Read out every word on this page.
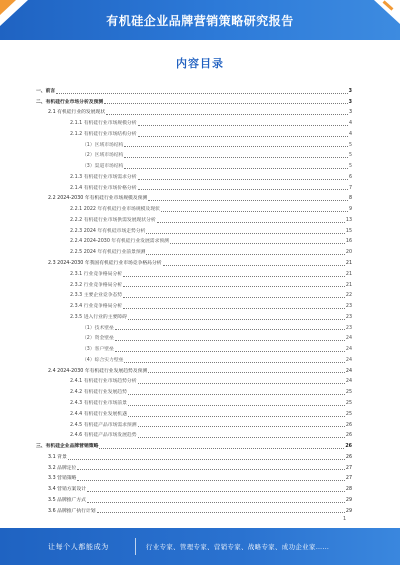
有机硅企业品牌营销策略研究报告
内容目录
一、前言	3
二、有机硅行业市场分析及预测	3
2.1 有机硅行业的发展现状	3
2.1.1 有机硅行业市场规模分析	4
2.1.2 有机硅行业市场结构分析	4
（1）区域市场结构	5
（2）区域市场结构	5
（3）渠道市场结构	5
2.1.3 有机硅行业市场需求分析	6
2.1.4 有机硅行业市场价格分析	7
2.2 2024-2030 年有机硅行业市场规模及预测	8
2.2.1 2022 年有机硅行业市场规模及现状	9
2.2.2 有机硅行业市场供需发展现状分析	13
2.2.3 2024 年有机硅市场走势分析	15
2.2.4 2024-2030 年有机硅行业发展需求预测	16
2.2.5 2024 年有机硅行业前景预测	20
2.3 2024-2030 年我国有机硅行业市场竞争格局分析	21
2.3.1 行业竞争格局分析	21
2.3.2 行业竞争格局分析	21
2.3.3 主要企业竞争态势	22
2.3.4 行业竞争格局分析	23
2.3.5 进入行业的主要障碍	23
（1）技术壁垒	23
（2）资金壁垒	24
（3）客户壁垒	24
（4）综合实力壁垒	24
2.4 2024-2030 年有机硅行业发展趋势及预测	24
2.4.1 有机硅行业市场趋势分析	24
2.4.2 有机硅行业发展趋势	25
2.4.3 有机硅行业市场前景	25
2.4.4 有机硅行业发展机遇	25
2.4.5 有机硅产品市场需求预测	26
2.4.6 有机硅产品市场发展趋势	26
三、有机硅企业品牌营销策略	26
3.1 背景	26
3.2 品牌定位	27
3.3 营销策略	27
3.4 营销方案设计	28
3.5 品牌推广方式	29
3.6 品牌推广执行计划	29
1
让每个人都能成为	行业专家、管理专家、营销专家、战略专家、成功企业家……
